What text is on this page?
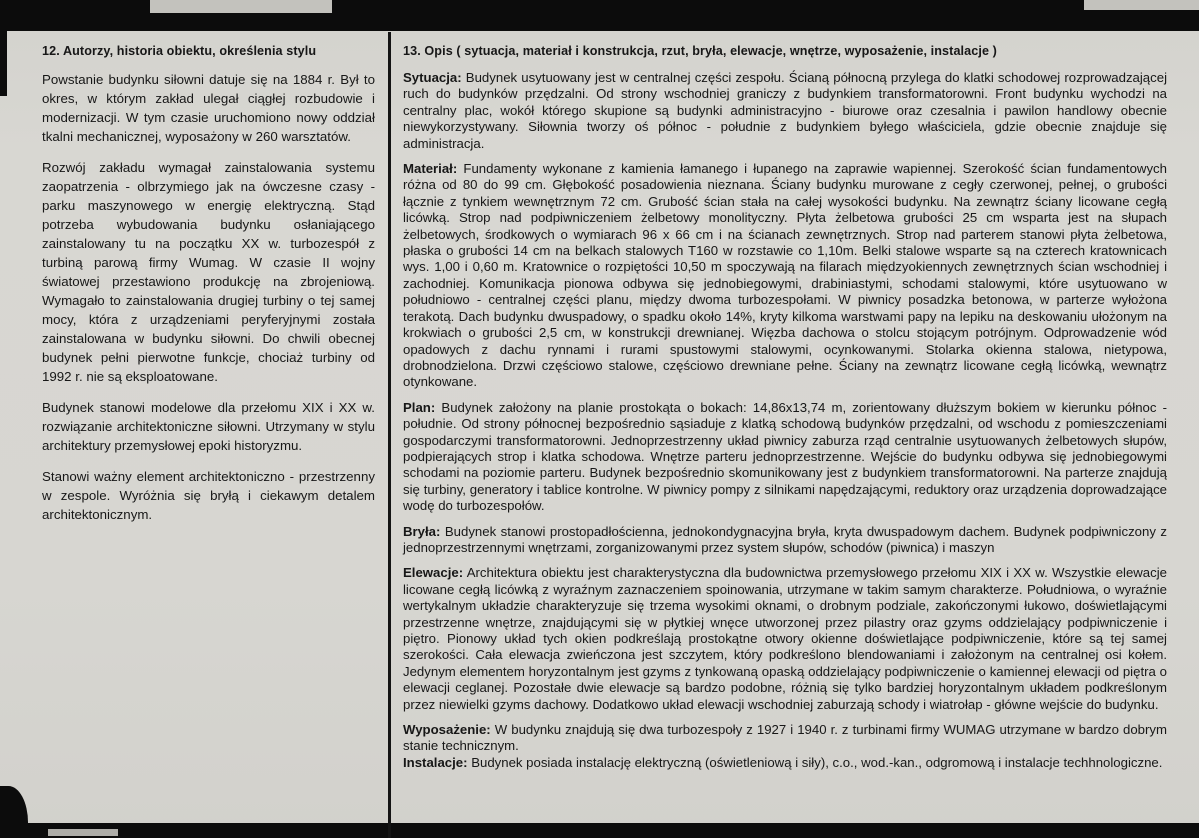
12. Autorzy, historia obiektu, określenia stylu

Powstanie budynku siłowni datuje się na 1884 r. Był to okres, w którym zakład ulegał ciągłej rozbudowie i modernizacji. W tym czasie uruchomiono nowy oddział tkalni mechanicznej, wyposażony w 260 warsztatów.

Rozwój zakładu wymagał zainstalowania systemu zaopatrzenia - olbrzymiego jak na ówczesne czasy - parku maszynowego w energię elektryczną. Stąd potrzeba wybudowania budynku osłaniającego zainstalowany tu na początku XX w. turbozespół z turbiną parową firmy Wumag. W czasie II wojny światowej przestawiono produkcję na zbrojeniową. Wymagało to zainstalowania drugiej turbiny o tej samej mocy, która z urządzeniami peryferyjnymi została zainstalowana w budynku siłowni. Do chwili obecnej budynek pełni pierwotne funkcje, chociaż turbiny od 1992 r. nie są eksploatowane.

Budynek stanowi modelowe dla przełomu XIX i XX w. rozwiązanie architektoniczne siłowni. Utrzymany w stylu architektury przemysłowej epoki historyzmu.

Stanowi ważny element architektoniczno - przestrzenny w zespole. Wyróżnia się bryłą i ciekawym detalem architektonicznym.

13. Opis ( sytuacja, materiał i konstrukcja, rzut, bryła, elewacje, wnętrze, wyposażenie, instalacje )

Sytuacja: Budynek usytuowany jest w centralnej części zespołu. Ścianą północną przylega do klatki schodowej rozprowadzającej ruch do budynków przędzalni. Od strony wschodniej graniczy z budynkiem transformatorowni. Front budynku wychodzi na centralny plac, wokół którego skupione są budynki administracyjno - biurowe oraz czesalnia i pawilon handlowy obecnie niewykorzystywany. Siłownia tworzy oś północ - południe z budynkiem byłego właściciela, gdzie obecnie znajduje się administracja.

Materiał: Fundamenty wykonane z kamienia łamanego i łupanego na zaprawie wapiennej. Szerokość ścian fundamentowych różna od 80 do 99 cm. Głębokość posadowienia nieznana. Ściany budynku murowane z cegły czerwonej, pełnej, o grubości łącznie z tynkiem wewnętrznym 72 cm. Grubość ścian stała na całej wysokości budynku. Na zewnątrz ściany licowane cegłą licówką. Strop nad podpiwniczeniem żelbetowy monolityczny. Płyta żelbetowa grubości 25 cm wsparta jest na słupach żelbetowych, środkowych o wymiarach 96 x 66 cm i na ścianach zewnętrznych. Strop nad parterem stanowi płyta żelbetowa, płaska o grubości 14 cm na belkach stalowych T160 w rozstawie co 1,10m. Belki stalowe wsparte są na czterech kratownicach wys. 1,00 i 0,60 m. Kratownice o rozpiętości 10,50 m spoczywają na filarach międzyokiennych zewnętrznych ścian wschodniej i zachodniej. Komunikacja pionowa odbywa się jednobiegowymi, drabiniastymi, schodami stalowymi, które usytuowano w południowo - centralnej części planu, między dwoma turbozespołami. W piwnicy posadzka betonowa, w parterze wyłożona terakotą. Dach budynku dwuspadowy, o spadku około 14%, kryty kilkoma warstwami papy na lepiku na deskowaniu ułożonym na krokwiach o grubości 2,5 cm, w konstrukcji drewnianej. Więzba dachowa o stolcu stojącym potrójnym. Odprowadzenie wód opadowych z dachu rynnami i rurami spustowymi stalowymi, ocynkowanymi. Stolarka okienna stalowa, nietypowa, drobnodzielona. Drzwi częściowo stalowe, częściowo drewniane pełne. Ściany na zewnątrz licowane cegłą licówką, wewnątrz otynkowane.

Plan: Budynek założony na planie prostokąta o bokach: 14,86x13,74 m, zorientowany dłuższym bokiem w kierunku północ - południe. Od strony północnej bezpośrednio sąsiaduje z klatką schodową budynków przędzalni, od wschodu z pomieszczeniami gospodarczymi transformatorowni. Jednoprzestrzenny układ piwnicy zaburza rząd centralnie usytuowanych żelbetowych słupów, podpierających strop i klatka schodowa. Wnętrze parteru jednoprzestrzenne. Wejście do budynku odbywa się jednobiegowymi schodami na poziomie parteru. Budynek bezpośrednio skomunikowany jest z budynkiem transformatorowni. Na parterze znajdują się turbiny, generatory i tablice kontrolne. W piwnicy pompy z silnikami napędzającymi, reduktory oraz urządzenia doprowadzające wodę do turbozespołów.

Bryła: Budynek stanowi prostopadłościenna, jednokondygnacyjna bryła, kryta dwuspadowym dachem. Budynek podpiwniczony z jednoprzestrzennymi wnętrzami, zorganizowanymi przez system słupów, schodów (piwnica) i maszyn

Elewacje: Architektura obiektu jest charakterystyczna dla budownictwa przemysłowego przełomu XIX i XX w. Wszystkie elewacje licowane cegłą licówką z wyraźnym zaznaczeniem spoinowania, utrzymane w takim samym charakterze. Południowa, o wyraźnie wertykalnym układzie charakteryzuje się trzema wysokimi oknami, o drobnym podziale, zakończonymi łukowo, doświetlającymi przestrzenne wnętrze, znajdującymi się w płytkiej wnęce utworzonej przez pilastry oraz gzyms oddzielający podpiwniczenie i piętro. Pionowy układ tych okien podkreślają prostokątne otwory okienne doświetlające podpiwniczenie, które są tej samej szerokości. Cała elewacja zwieńczona jest szczytem, który podkreślono blendowaniami i założonym na centralnej osi kołem. Jedynym elementem horyzontalnym jest gzyms z tynkowaną opaską oddzielający podpiwniczenie o kamiennej elewacji od piętra o elewacji ceglanej. Pozostałe dwie elewacje są bardzo podobne, różnią się tylko bardziej horyzontalnym układem podkreślonym przez niewielki gzyms dachowy. Dodatkowo układ elewacji wschodniej zaburzają schody i wiatrołap - główne wejście do budynku.

Wyposażenie: W budynku znajdują się dwa turbozespoły z 1927 i 1940 r. z turbinami firmy WUMAG utrzymane w bardzo dobrym stanie technicznym.

Instalacje: Budynek posiada instalację elektryczną (oświetleniową i siły), c.o., wod.-kan., odgromową i instalacje techhnologiczne.
